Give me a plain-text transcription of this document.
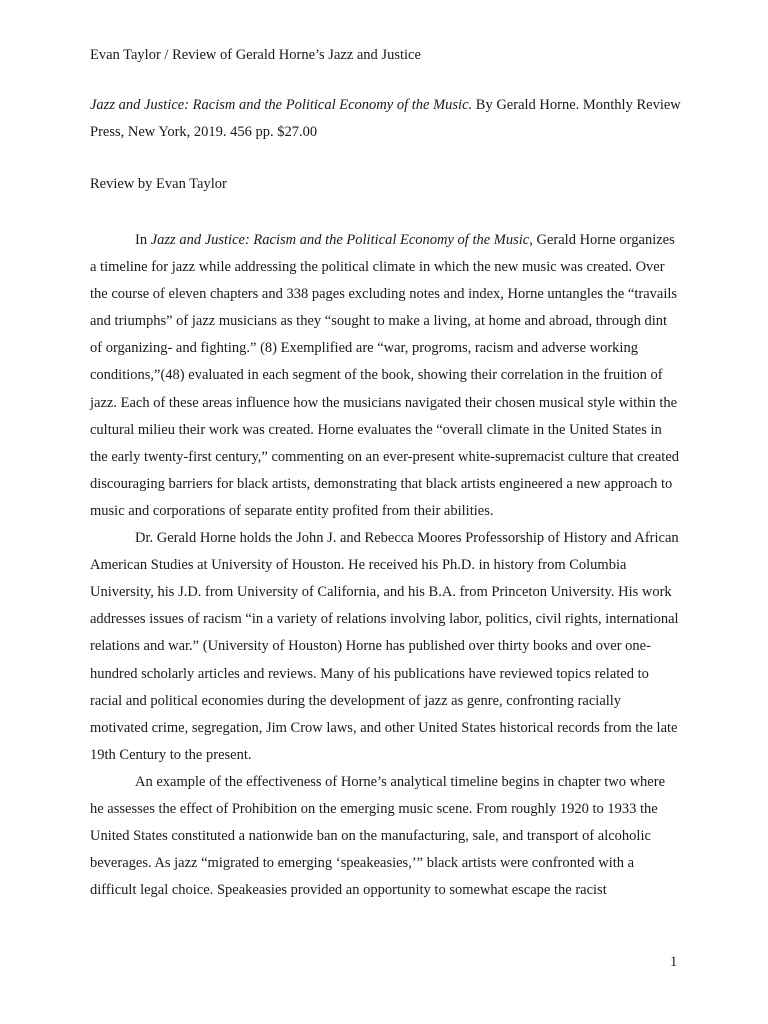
Evan Taylor / Review of Gerald Horne’s Jazz and Justice
Jazz and Justice: Racism and the Political Economy of the Music. By Gerald Horne. Monthly Review Press, New York, 2019. 456 pp. $27.00
Review by Evan Taylor

In Jazz and Justice: Racism and the Political Economy of the Music, Gerald Horne organizes a timeline for jazz while addressing the political climate in which the new music was created. Over the course of eleven chapters and 338 pages excluding notes and index, Horne untangles the “travails and triumphs” of jazz musicians as they “sought to make a living, at home and abroad, through dint of organizing- and fighting.” (8) Exemplified are “war, progroms, racism and adverse working conditions,”(48) evaluated in each segment of the book, showing their correlation in the fruition of jazz. Each of these areas influence how the musicians navigated their chosen musical style within the cultural milieu their work was created. Horne evaluates the “overall climate in the United States in the early twenty-first century,” commenting on an ever-present white-supremacist culture that created discouraging barriers for black artists, demonstrating that black artists engineered a new approach to music and corporations of separate entity profited from their abilities.

Dr. Gerald Horne holds the John J. and Rebecca Moores Professorship of History and African American Studies at University of Houston. He received his Ph.D. in history from Columbia University, his J.D. from University of California, and his B.A. from Princeton University. His work addresses issues of racism “in a variety of relations involving labor, politics, civil rights, international relations and war.” (University of Houston) Horne has published over thirty books and over one-hundred scholarly articles and reviews. Many of his publications have reviewed topics related to racial and political economies during the development of jazz as genre, confronting racially motivated crime, segregation, Jim Crow laws, and other United States historical records from the late 19th Century to the present.

An example of the effectiveness of Horne’s analytical timeline begins in chapter two where he assesses the effect of Prohibition on the emerging music scene. From roughly 1920 to 1933 the United States constituted a nationwide ban on the manufacturing, sale, and transport of alcoholic beverages. As jazz “migrated to emerging ‘speakeasies,’” black artists were confronted with a difficult legal choice. Speakeasies provided an opportunity to somewhat escape the racist

1
